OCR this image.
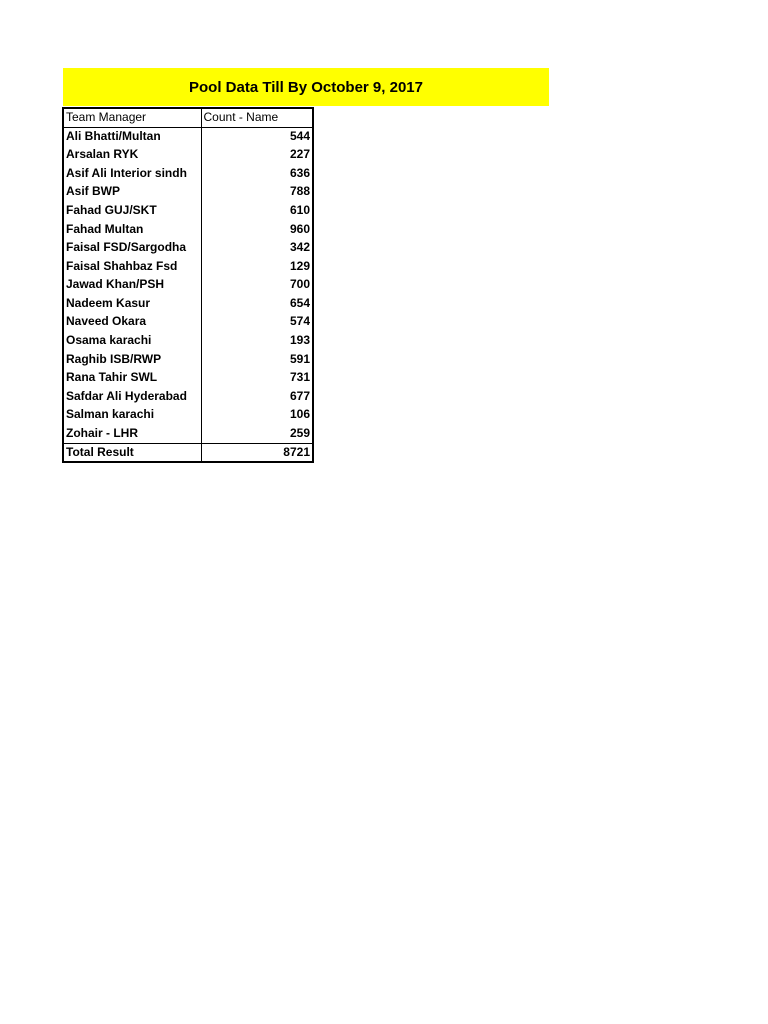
Pool Data Till By October 9, 2017
Team Manager	Count - Name
Ali Bhatti/Multan	544
Arsalan RYK	227
Asif Ali Interior sindh	636
Asif BWP	788
Fahad GUJ/SKT	610
Fahad Multan	960
Faisal FSD/Sargodha	342
Faisal Shahbaz Fsd	129
Jawad Khan/PSH	700
Nadeem Kasur	654
Naveed Okara	574
Osama karachi	193
Raghib ISB/RWP	591
Rana Tahir SWL	731
Safdar Ali Hyderabad	677
Salman karachi	106
Zohair - LHR	259
Total Result	8721
